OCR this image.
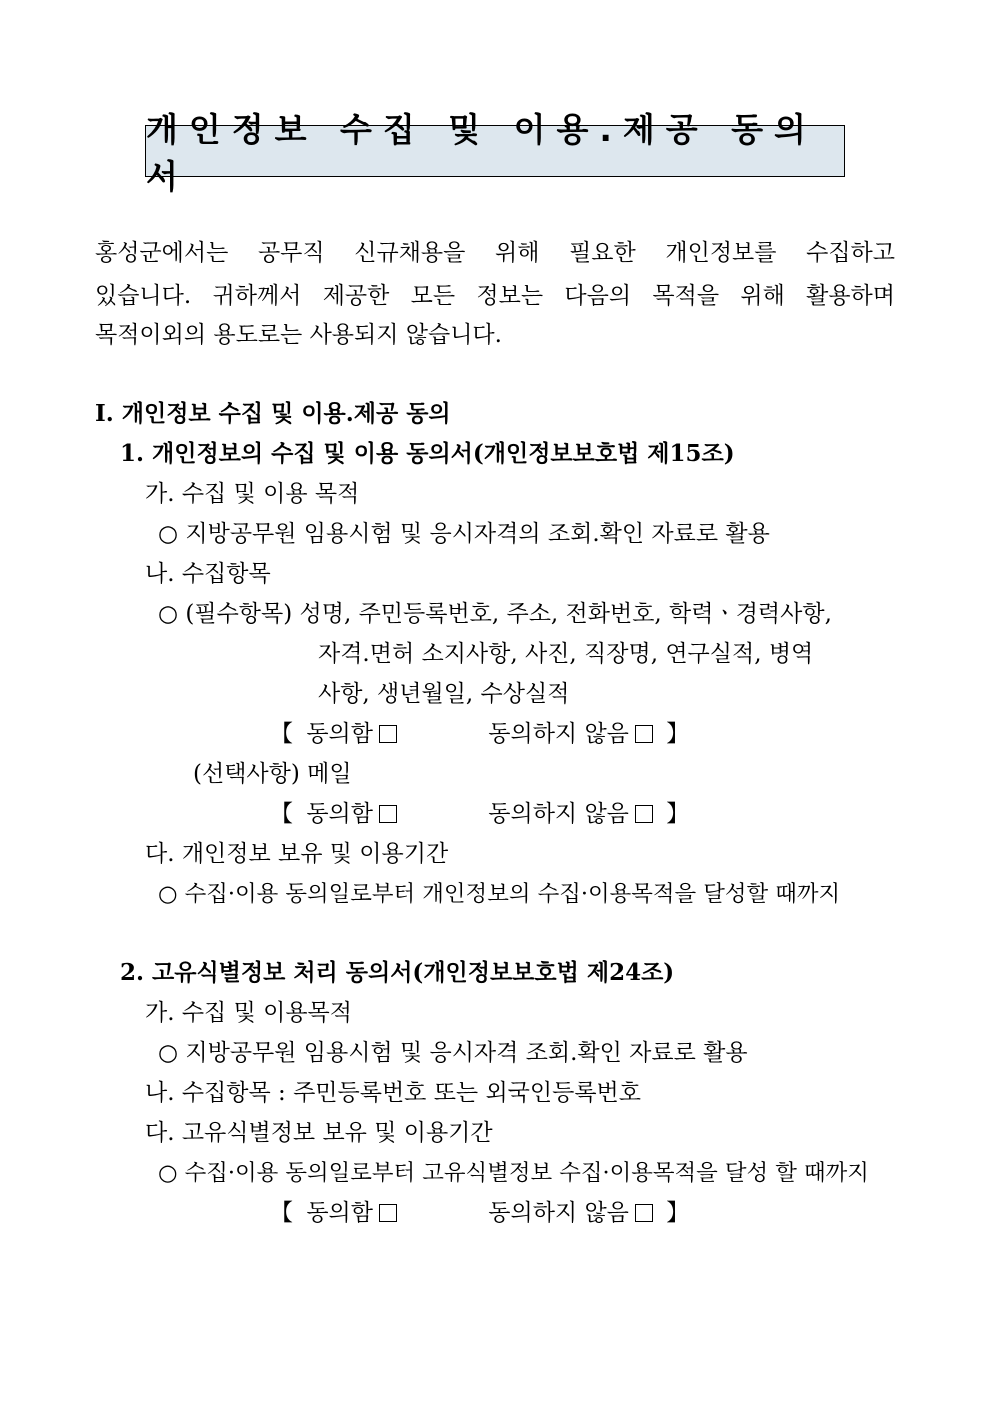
개인정보 수집 및 이용.제공 동의서
홍성군에서는 공무직 신규채용을 위해 필요한 개인정보를 수집하고
있습니다. 귀하께서 제공한 모든 정보는 다음의 목적을 위해 활용하며
목적이외의 용도로는 사용되지 않습니다.
Ⅰ. 개인정보 수집 및 이용.제공 동의
1. 개인정보의 수집 및 이용 동의서(개인정보보호법 제15조)
가. 수집 및 이용 목적
○ 지방공무원 임용시험 및 응시자격의 조회.확인 자료로 활용
나. 수집항목
○ (필수항목) 성명, 주민등록번호, 주소, 전화번호, 학력ㆍ경력사항,
자격.면허 소지사항, 사진, 직장명, 연구실적, 병역
사항, 생년월일, 수상실적
【 동의함	동의하지 않음 】
(선택사항) 메일
【 동의함	동의하지 않음 】
다. 개인정보 보유 및 이용기간
○ 수집·이용 동의일로부터 개인정보의 수집·이용목적을 달성할 때까지
2. 고유식별정보 처리 동의서(개인정보보호법 제24조)
가. 수집 및 이용목적
○ 지방공무원 임용시험 및 응시자격 조회.확인 자료로 활용
나. 수집항목 : 주민등록번호 또는 외국인등록번호
다. 고유식별정보 보유 및 이용기간
○ 수집·이용 동의일로부터 고유식별정보 수집·이용목적을 달성 할 때까지
【 동의함	동의하지 않음 】
